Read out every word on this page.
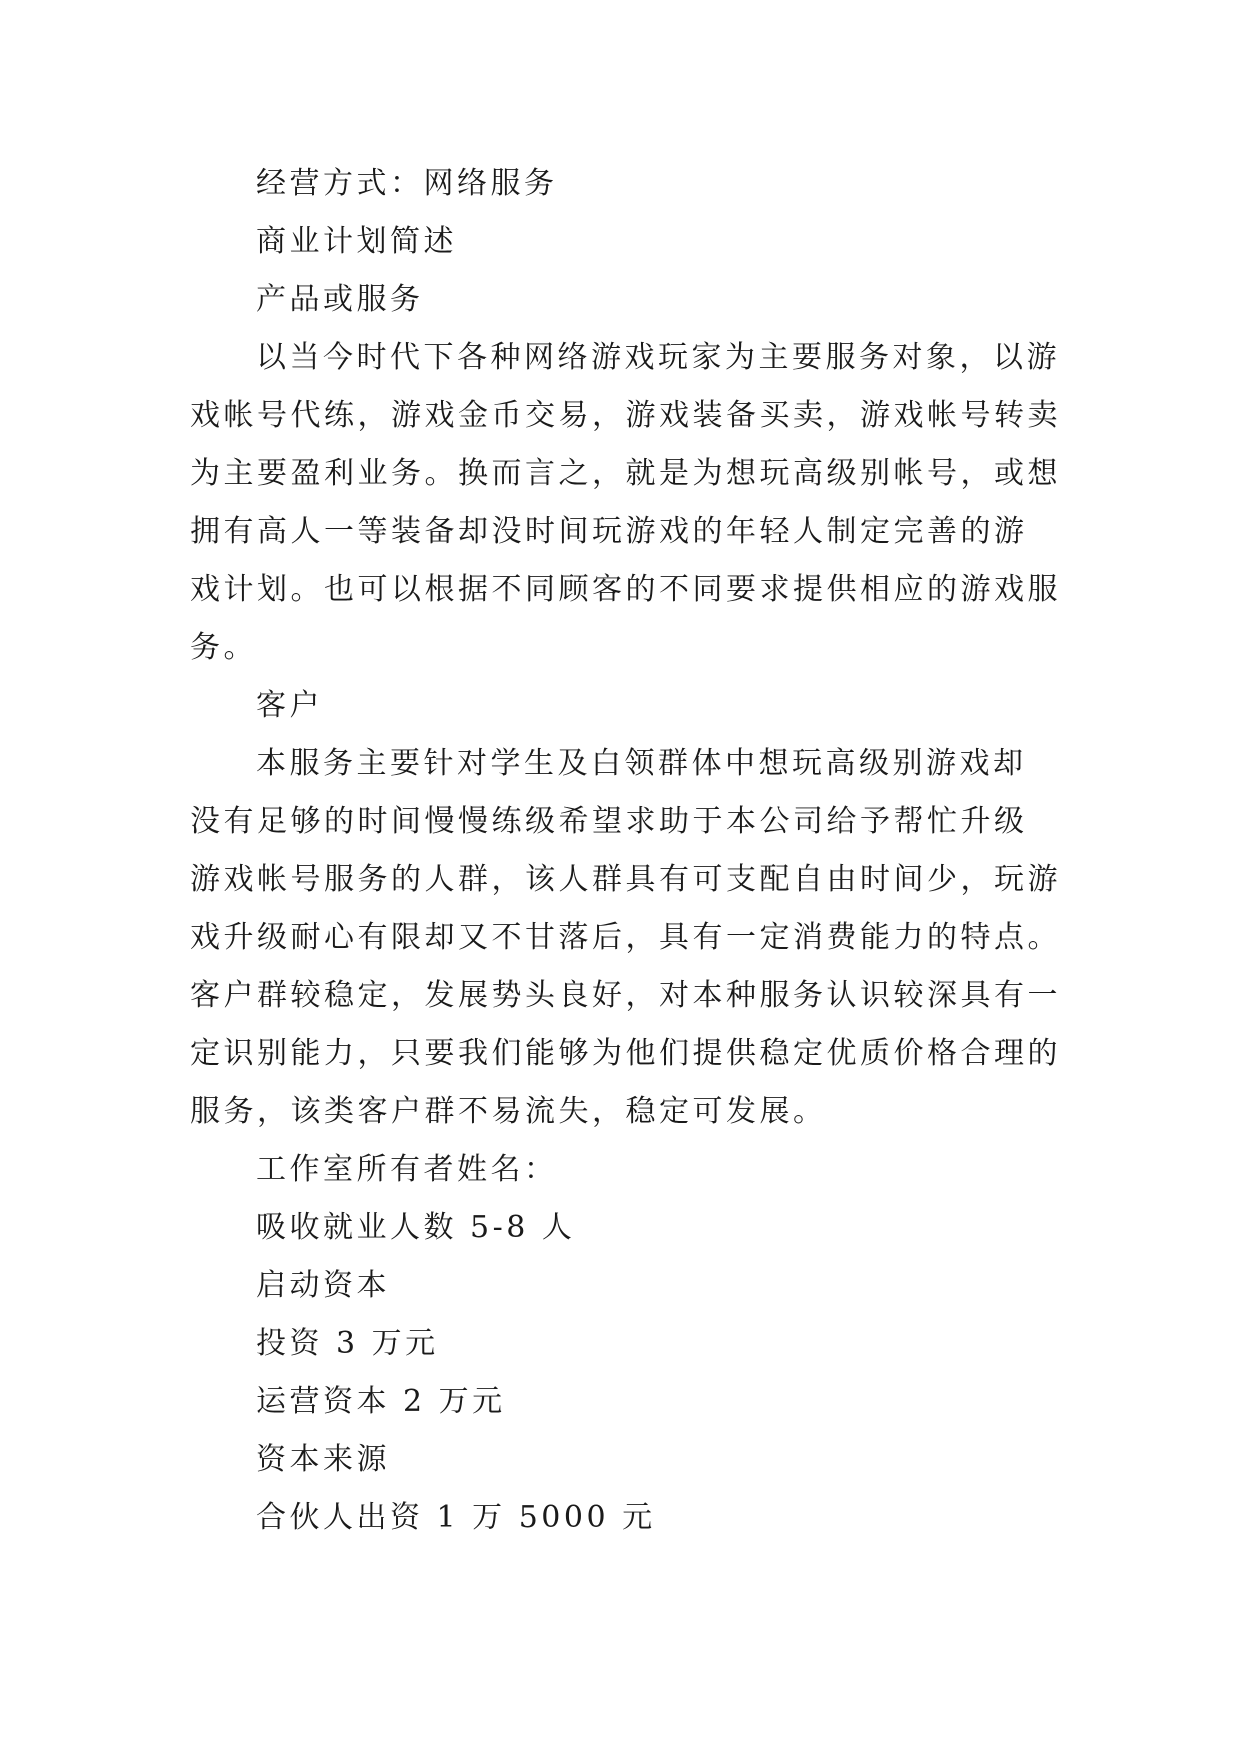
经营方式：网络服务

商业计划简述

产品或服务

以当今时代下各种网络游戏玩家为主要服务对象，以游

戏帐号代练，游戏金币交易，游戏装备买卖，游戏帐号转卖

为主要盈利业务。换而言之，就是为想玩高级别帐号，或想

拥有高人一等装备却没时间玩游戏的年轻人制定完善的游

戏计划。也可以根据不同顾客的不同要求提供相应的游戏服

务。

客户

本服务主要针对学生及白领群体中想玩高级别游戏却

没有足够的时间慢慢练级希望求助于本公司给予帮忙升级

游戏帐号服务的人群，该人群具有可支配自由时间少，玩游

戏升级耐心有限却又不甘落后，具有一定消费能力的特点。

客户群较稳定，发展势头良好，对本种服务认识较深具有一

定识别能力，只要我们能够为他们提供稳定优质价格合理的

服务，该类客户群不易流失，稳定可发展。

工作室所有者姓名：

吸收就业人数 5-8 人

启动资本

投资 3 万元

运营资本 2 万元

资本来源

合伙人出资 1 万 5000 元
